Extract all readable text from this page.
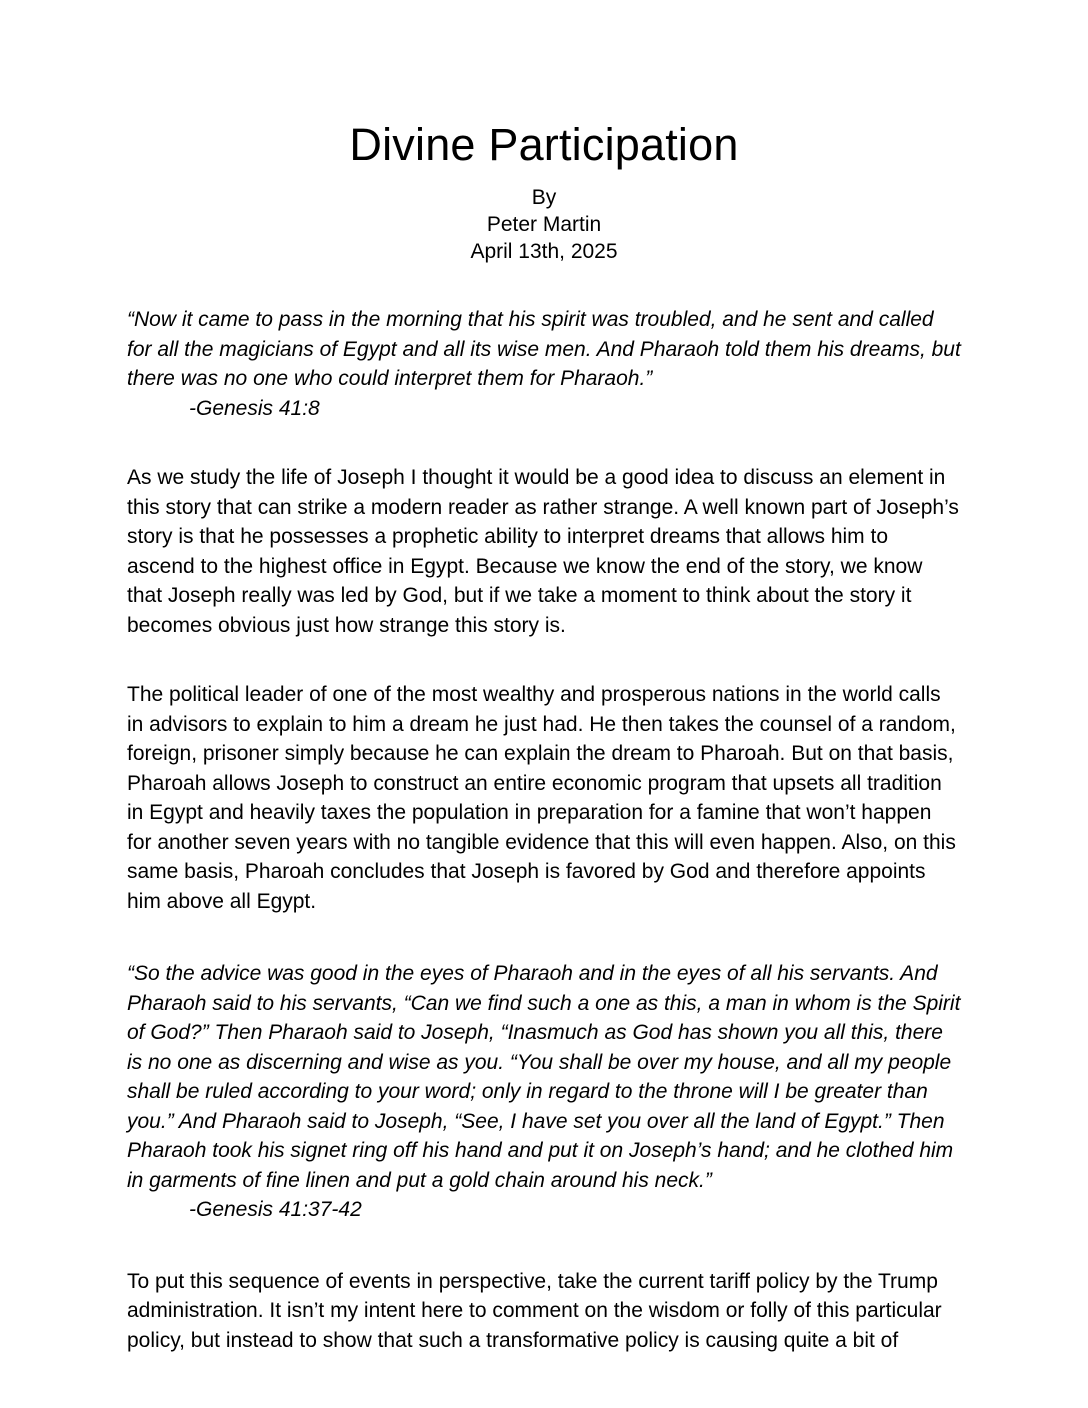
Divine Participation
By
Peter Martin
April 13th, 2025

“Now it came to pass in the morning that his spirit was troubled, and he sent and called for all the magicians of Egypt and all its wise men. And Pharaoh told them his dreams, but there was no one who could interpret them for Pharaoh.”

-Genesis 41:8

As we study the life of Joseph I thought it would be a good idea to discuss an element in this story that can strike a modern reader as rather strange. A well known part of Joseph’s story is that he possesses a prophetic ability to interpret dreams that allows him to ascend to the highest office in Egypt. Because we know the end of the story, we know that Joseph really was led by God, but if we take a moment to think about the story it becomes obvious just how strange this story is.

The political leader of one of the most wealthy and prosperous nations in the world calls in advisors to explain to him a dream he just had. He then takes the counsel of a random, foreign, prisoner simply because he can explain the dream to Pharoah. But on that basis, Pharoah allows Joseph to construct an entire economic program that upsets all tradition in Egypt and heavily taxes the population in preparation for a famine that won’t happen for another seven years with no tangible evidence that this will even happen. Also, on this same basis, Pharoah concludes that Joseph is favored by God and therefore appoints him above all Egypt.

“So the advice was good in the eyes of Pharaoh and in the eyes of all his servants. And Pharaoh said to his servants, “Can we find such a one as this, a man in whom is the Spirit of God?” Then Pharaoh said to Joseph, “Inasmuch as God has shown you all this, there is no one as discerning and wise as you. “You shall be over my house, and all my people shall be ruled according to your word; only in regard to the throne will I be greater than you.” And Pharaoh said to Joseph, “See, I have set you over all the land of Egypt.” Then Pharaoh took his signet ring off his hand and put it on Joseph’s hand; and he clothed him in garments of fine linen and put a gold chain around his neck.”

-Genesis 41:37-42

To put this sequence of events in perspective, take the current tariff policy by the Trump administration. It isn’t my intent here to comment on the wisdom or folly of this particular policy, but instead to show that such a transformative policy is causing quite a bit of
